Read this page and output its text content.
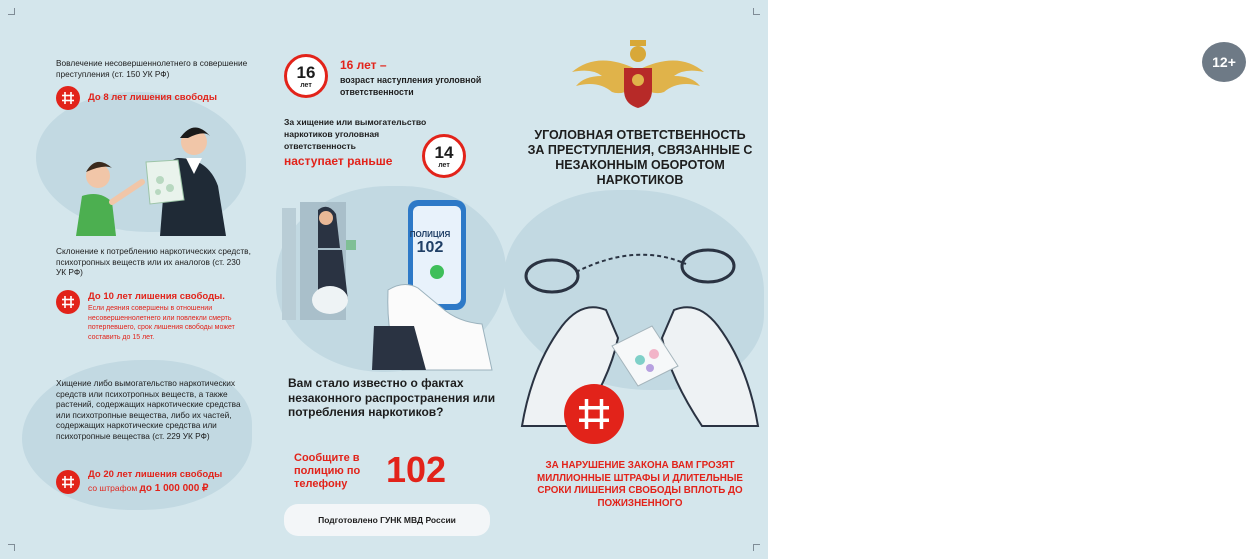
Вовлечение несовершеннолетнего в совершение преступления (ст. 150 УК РФ)
До 8 лет лишения свободы
Склонение к потреблению наркотических средств, психотропных веществ или их аналогов (ст. 230 УК РФ)
До 10 лет лишения свободы.
Если деяния совершены в отношении несовершеннолетнего или повлекли смерть потерпевшего, срок лишения свободы может составить до 15 лет.
Хищение либо вымогательство наркотических средств или психотропных веществ, а также растений, содержащих наркотические средства или психотропные вещества, либо их частей, содержащих наркотические средства или психотропные вещества (ст. 229 УК РФ)
До 20 лет лишения свободы
со штрафом до 1 000 000 ₽
16
лет
16 лет –
возраст наступления уголовной ответственности
За хищение или вымогательство наркотиков уголовная ответственность
наступает раньше	14
лет
ПОЛИЦИЯ
102
Вам стало известно о фактах незаконного распространения или потребления наркотиков?
Сообщите в полицию по телефону	102
Подготовлено ГУНК МВД России
12+
УГОЛОВНАЯ ОТВЕТСТВЕННОСТЬ ЗА ПРЕСТУПЛЕНИЯ, СВЯЗАННЫЕ С НЕЗАКОННЫМ ОБОРОТОМ НАРКОТИКОВ
ЗА НАРУШЕНИЕ ЗАКОНА ВАМ ГРОЗЯТ МИЛЛИОННЫЕ ШТРАФЫ И ДЛИТЕЛЬНЫЕ СРОКИ ЛИШЕНИЯ СВОБОДЫ ВПЛОТЬ ДО ПОЖИЗНЕННОГО
